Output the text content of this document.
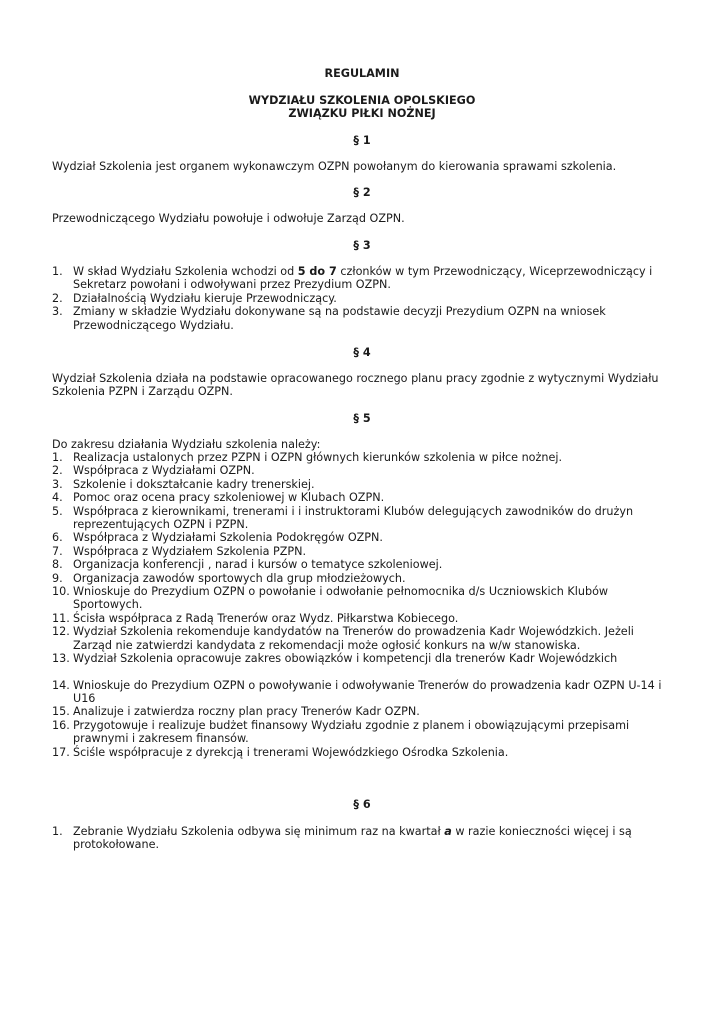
REGULAMIN
WYDZIAŁU SZKOLENIA OPOLSKIEGO
ZWIĄZKU PIŁKI NOŻNEJ
§ 1
Wydział Szkolenia jest organem wykonawczym OZPN powołanym do kierowania sprawami szkolenia.
§ 2
Przewodniczącego Wydziału powołuje i odwołuje Zarząd OZPN.
§ 3
1. W skład Wydziału Szkolenia wchodzi od 5 do 7 członków w tym Przewodniczący, Wiceprzewodniczący i Sekretarz powołani i odwoływani przez Prezydium OZPN.
2. Działalnością Wydziału kieruje Przewodniczący.
3. Zmiany w składzie Wydziału dokonywane są na podstawie decyzji Prezydium OZPN na wniosek Przewodniczącego Wydziału.
§ 4
Wydział Szkolenia działa na podstawie opracowanego rocznego planu pracy zgodnie z wytycznymi Wydziału Szkolenia PZPN i Zarządu OZPN.
§ 5
Do zakresu działania Wydziału szkolenia należy:
1. Realizacja ustalonych przez PZPN i OZPN głównych kierunków szkolenia w piłce nożnej.
2. Współpraca z Wydziałami OZPN.
3. Szkolenie i dokształcanie kadry trenerskiej.
4. Pomoc oraz ocena pracy szkoleniowej w Klubach OZPN.
5. Współpraca z kierownikami, trenerami i i instruktorami Klubów delegujących zawodników do drużyn reprezentujących OZPN i PZPN.
6. Współpraca z Wydziałami Szkolenia Podokręgów OZPN.
7. Współpraca z Wydziałem Szkolenia PZPN.
8. Organizacja konferencji , narad i kursów o tematyce szkoleniowej.
9. Organizacja zawodów sportowych dla grup młodzieżowych.
10. Wnioskuje do Prezydium OZPN o powołanie i odwołanie pełnomocnika d/s Uczniowskich Klubów Sportowych.
11. Ścisła współpraca z Radą Trenerów oraz Wydz. Piłkarstwa Kobiecego.
12. Wydział Szkolenia rekomenduje kandydatów na Trenerów do prowadzenia Kadr Wojewódzkich. Jeżeli Zarząd nie zatwierdzi kandydata z rekomendacji może ogłosić konkurs na w/w stanowiska.
13. Wydział Szkolenia opracowuje zakres obowiązków i kompetencji dla trenerów Kadr Wojewódzkich
14. Wnioskuje do Prezydium OZPN o powoływanie i odwoływanie Trenerów do prowadzenia kadr OZPN U-14 i U16
15. Analizuje i zatwierdza roczny plan pracy Trenerów Kadr OZPN.
16. Przygotowuje i realizuje budżet finansowy Wydziału zgodnie z planem i obowiązującymi przepisami prawnymi i zakresem finansów.
17. Ściśle współpracuje z dyrekcją i trenerami Wojewódzkiego Ośrodka Szkolenia.
§ 6
1. Zebranie Wydziału Szkolenia odbywa się minimum raz na kwartał a w razie konieczności więcej i są protokołowane.
